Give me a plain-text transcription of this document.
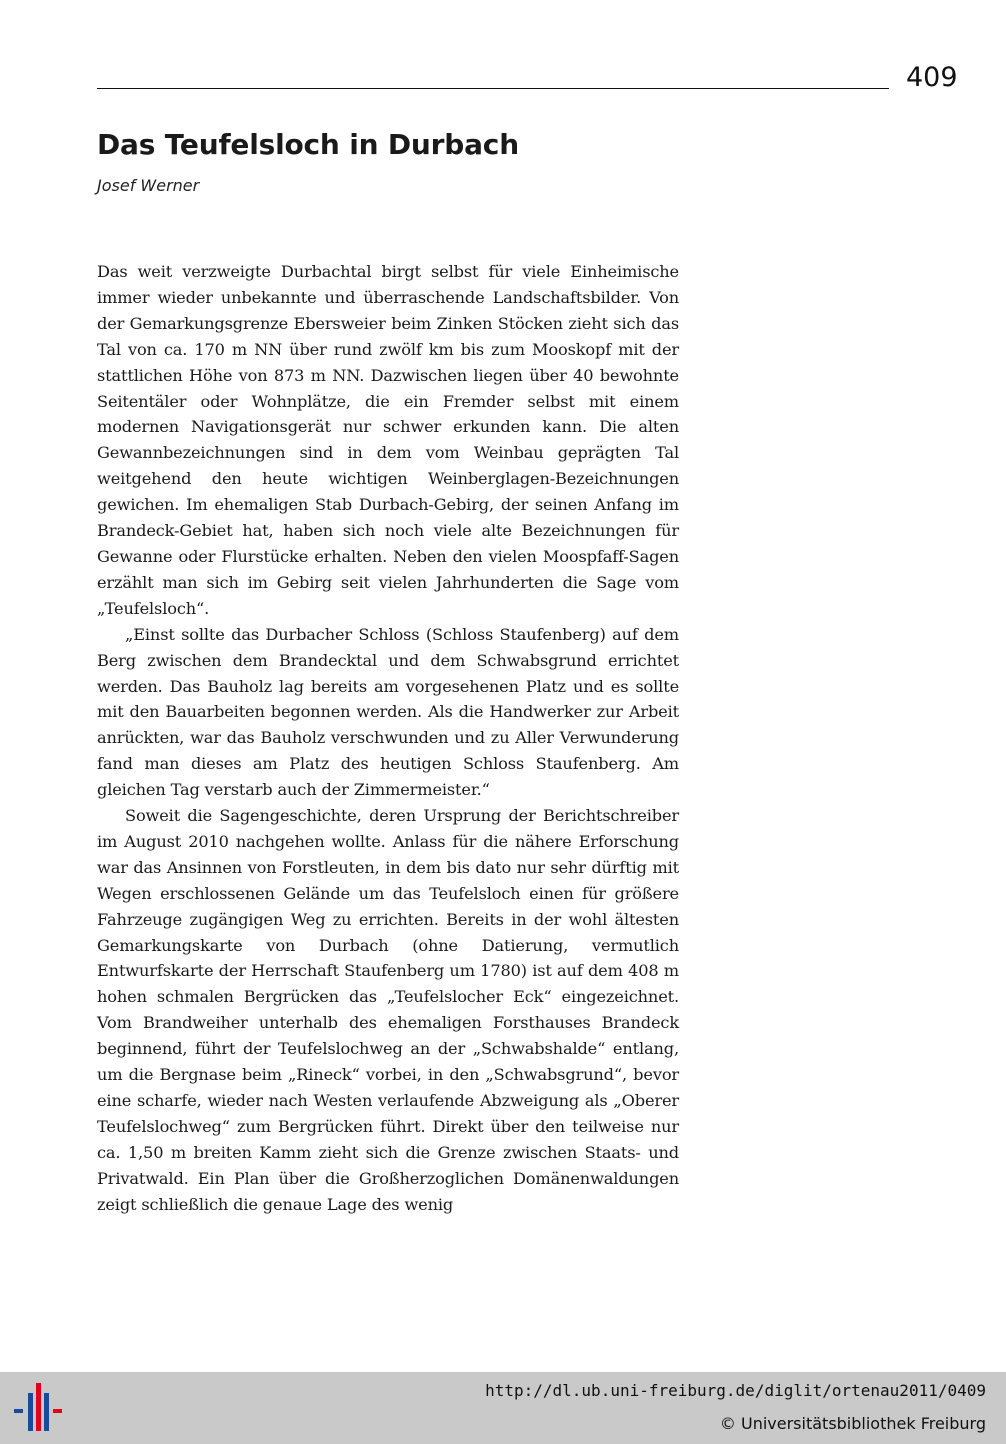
409
Das Teufelsloch in Durbach
Josef Werner

Das weit verzweigte Durbachtal birgt selbst für viele Einheimische immer wieder unbekannte und überraschende Landschaftsbilder. Von der Gemarkungsgrenze Ebersweier beim Zinken Stöcken zieht sich das Tal von ca. 170 m NN über rund zwölf km bis zum Mooskopf mit der stattlichen Höhe von 873 m NN. Dazwischen liegen über 40 bewohnte Seitentäler oder Wohnplätze, die ein Fremder selbst mit einem modernen Navigationsgerät nur schwer erkunden kann. Die alten Gewannbezeichnungen sind in dem vom Weinbau geprägten Tal weitgehend den heute wichtigen Weinberglagen-Bezeichnungen gewichen. Im ehemaligen Stab Durbach-Gebirg, der seinen Anfang im Brandeck-Gebiet hat, haben sich noch viele alte Bezeichnungen für Gewanne oder Flurstücke erhalten. Neben den vielen Moospfaff-Sagen erzählt man sich im Gebirg seit vielen Jahrhunderten die Sage vom „Teufelsloch“.

„Einst sollte das Durbacher Schloss (Schloss Staufenberg) auf dem Berg zwischen dem Brandecktal und dem Schwabsgrund errichtet werden. Das Bauholz lag bereits am vorgesehenen Platz und es sollte mit den Bauarbeiten begonnen werden. Als die Handwerker zur Arbeit anrückten, war das Bauholz verschwunden und zu Aller Verwunderung fand man dieses am Platz des heutigen Schloss Staufenberg. Am gleichen Tag verstarb auch der Zimmermeister.“

Soweit die Sagengeschichte, deren Ursprung der Berichtschreiber im August 2010 nachgehen wollte. Anlass für die nähere Erforschung war das Ansinnen von Forstleuten, in dem bis dato nur sehr dürftig mit Wegen erschlossenen Gelände um das Teufelsloch einen für größere Fahrzeuge zugängigen Weg zu errichten. Bereits in der wohl ältesten Gemarkungskarte von Durbach (ohne Datierung, vermutlich Entwurfskarte der Herrschaft Staufenberg um 1780) ist auf dem 408 m hohen schmalen Bergrücken das „Teufelslocher Eck“ eingezeichnet. Vom Brandweiher unterhalb des ehemaligen Forsthauses Brandeck beginnend, führt der Teufelslochweg an der „Schwabshalde“ entlang, um die Bergnase beim „Rineck“ vorbei, in den „Schwabsgrund“, bevor eine scharfe, wieder nach Westen verlaufende Abzweigung als „Oberer Teufelslochweg“ zum Bergrücken führt. Direkt über den teilweise nur ca. 1,50 m breiten Kamm zieht sich die Grenze zwischen Staats- und Privatwald. Ein Plan über die Großherzoglichen Domänenwaldungen zeigt schließlich die genaue Lage des wenig

http://dl.ub.uni-freiburg.de/diglit/ortenau2011/0409
© Universitätsbibliothek Freiburg
